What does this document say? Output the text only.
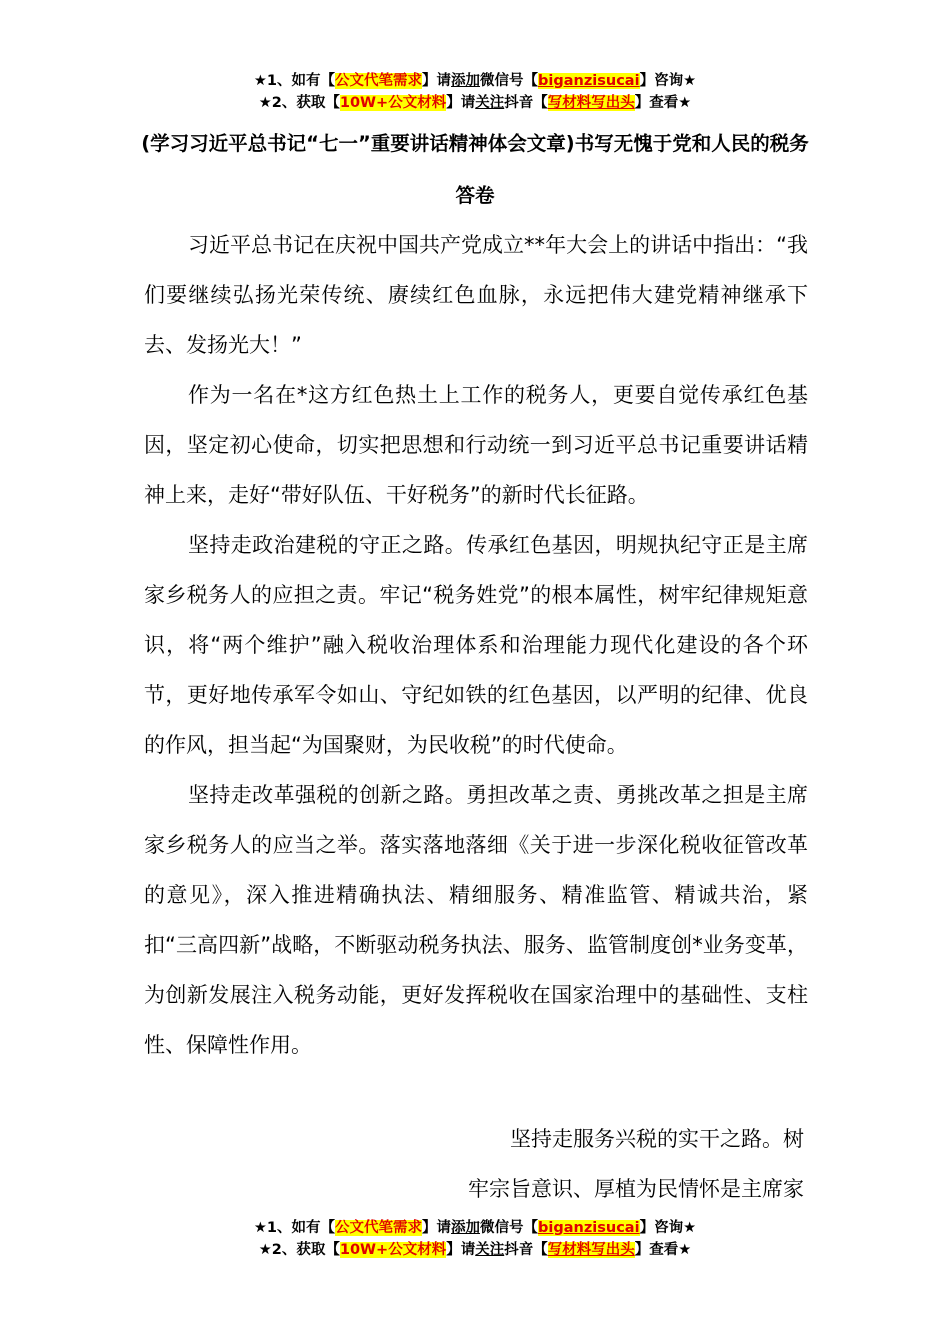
★1、如有【公文代笔需求】请添加微信号【biganzisucai】咨询★
★2、获取【10W+公文材料】请关注抖音【写材料写出头】查看★
(学习习近平总书记“七一”重要讲话精神体会文章)书写无愧于党和人民的税务答卷

习近平总书记在庆祝中国共产党成立**年大会上的讲话中指出：“我们要继续弘扬光荣传统、赓续红色血脉，永远把伟大建党精神继承下去、发扬光大！”

作为一名在*这方红色热土上工作的税务人，更要自觉传承红色基因，坚定初心使命，切实把思想和行动统一到习近平总书记重要讲话精神上来，走好“带好队伍、干好税务”的新时代长征路。

坚持走政治建税的守正之路。传承红色基因，明规执纪守正是主席家乡税务人的应担之责。牢记“税务姓党”的根本属性，树牢纪律规矩意识，将“两个维护”融入税收治理体系和治理能力现代化建设的各个环节，更好地传承军令如山、守纪如铁的红色基因，以严明的纪律、优良的作风，担当起“为国聚财，为民收税”的时代使命。

坚持走改革强税的创新之路。勇担改革之责、勇挑改革之担是主席家乡税务人的应当之举。落实落地落细《关于进一步深化税收征管改革的意见》，深入推进精确执法、精细服务、精准监管、精诚共治，紧扣“三高四新”战略，不断驱动税务执法、服务、监管制度创*业务变革，为创新发展注入税务动能，更好发挥税收在国家治理中的基础性、支柱性、保障性作用。

坚持走服务兴税的实干之路。树
牢宗旨意识、厚植为民情怀是主席家
★1、如有【公文代笔需求】请添加微信号【biganzisucai】咨询★
★2、获取【10W+公文材料】请关注抖音【写材料写出头】查看★
